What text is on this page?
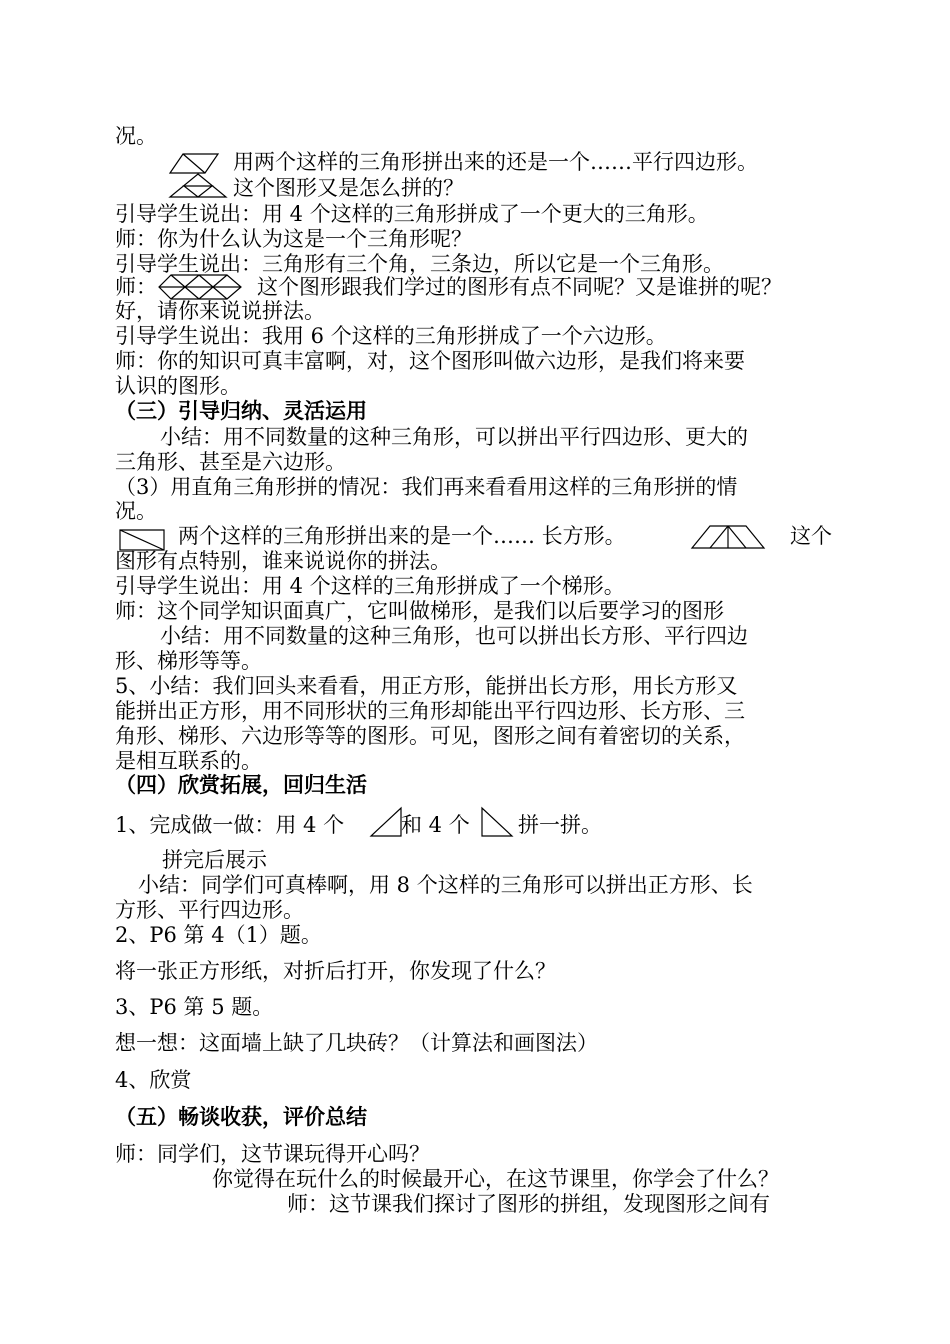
况。
用两个这样的三角形拼出来的还是一个……平行四边形。
这个图形又是怎么拼的？
引导学生说出：用 4 个这样的三角形拼成了一个更大的三角形。
师：你为什么认为这是一个三角形呢？
引导学生说出：三角形有三个角，三条边，所以它是一个三角形。
师：	这个图形跟我们学过的图形有点不同呢？又是谁拼的呢？
好，请你来说说拼法。
引导学生说出：我用 6 个这样的三角形拼成了一个六边形。
师：你的知识可真丰富啊，对，这个图形叫做六边形，是我们将来要
认识的图形。
（三）引导归纳、灵活运用
小结：用不同数量的这种三角形，可以拼出平行四边形、更大的
三角形、甚至是六边形。
（3）用直角三角形拼的情况：我们再来看看用这样的三角形拼的情
况。
两个这样的三角形拼出来的是一个…… 长方形。	这个
图形有点特别，谁来说说你的拼法。
引导学生说出：用 4 个这样的三角形拼成了一个梯形。
师：这个同学知识面真广，它叫做梯形，是我们以后要学习的图形
小结：用不同数量的这种三角形，也可以拼出长方形、平行四边
形、梯形等等。
5、小结：我们回头来看看，用正方形，能拼出长方形，用长方形又
能拼出正方形，用不同形状的三角形却能出平行四边形、长方形、三
角形、梯形、六边形等等的图形。可见，图形之间有着密切的关系，
是相互联系的。
（四）欣赏拓展，回归生活
1、完成做一做：用 4 个	和 4 个 拼一拼。
拼完后展示
小结：同学们可真棒啊，用 8 个这样的三角形可以拼出正方形、长
方形、平行四边形。
2、P6 第 4（1）题。
将一张正方形纸，对折后打开，你发现了什么？
3、P6 第 5 题。
想一想：这面墙上缺了几块砖？（计算法和画图法）
4、欣赏
（五）畅谈收获，评价总结
师：同学们，这节课玩得开心吗？
你觉得在玩什么的时候最开心，在这节课里，你学会了什么？
师：这节课我们探讨了图形的拼组，发现图形之间有
